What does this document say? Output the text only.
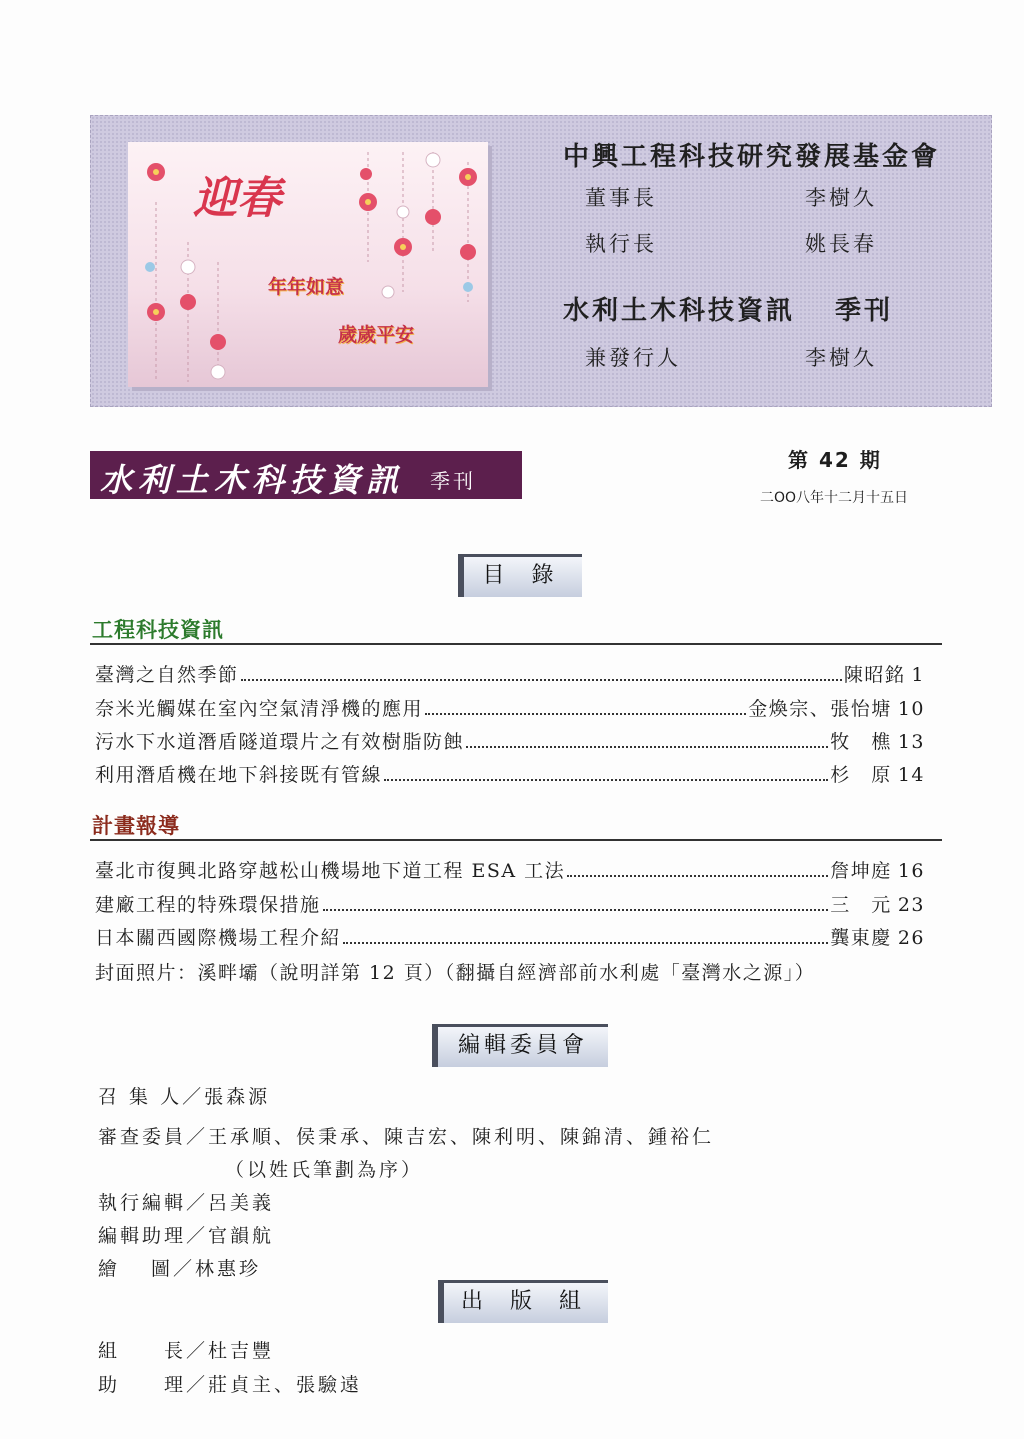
迎春
年年如意
歲歲平安
中興工程科技研究發展基金會
董事長	李樹久
執行長	姚長春
水利土木科技資訊 季刊
兼發行人	李樹久
水利土木科技資訊 季刊
第 42 期
二OO八年十二月十五日
目 錄
工程科技資訊
臺灣之自然季節	陳昭銘 1
奈米光觸媒在室內空氣清淨機的應用	金煥宗、張怡塘 10
污水下水道潛盾隧道環片之有效樹脂防蝕	牧　樵 13
利用潛盾機在地下斜接既有管線	杉　原 14
計畫報導
臺北市復興北路穿越松山機場地下道工程 ESA 工法	詹坤庭 16
建廠工程的特殊環保措施	三　元 23
日本關西國際機場工程介紹	龔東慶 26
封面照片：溪畔壩（說明詳第 12 頁）（翻攝自經濟部前水利處「臺灣水之源」）
編輯委員會
召 集 人／張森源
審查委員／王承順、侯秉承、陳吉宏、陳利明、陳錦清、鍾裕仁
（以姓氏筆劃為序）
執行編輯／呂美義
編輯助理／官韻航
繪　 圖／林惠珍
出 版 組
組　　長／杜吉豐
助　　理／莊貞主、張驗遠
